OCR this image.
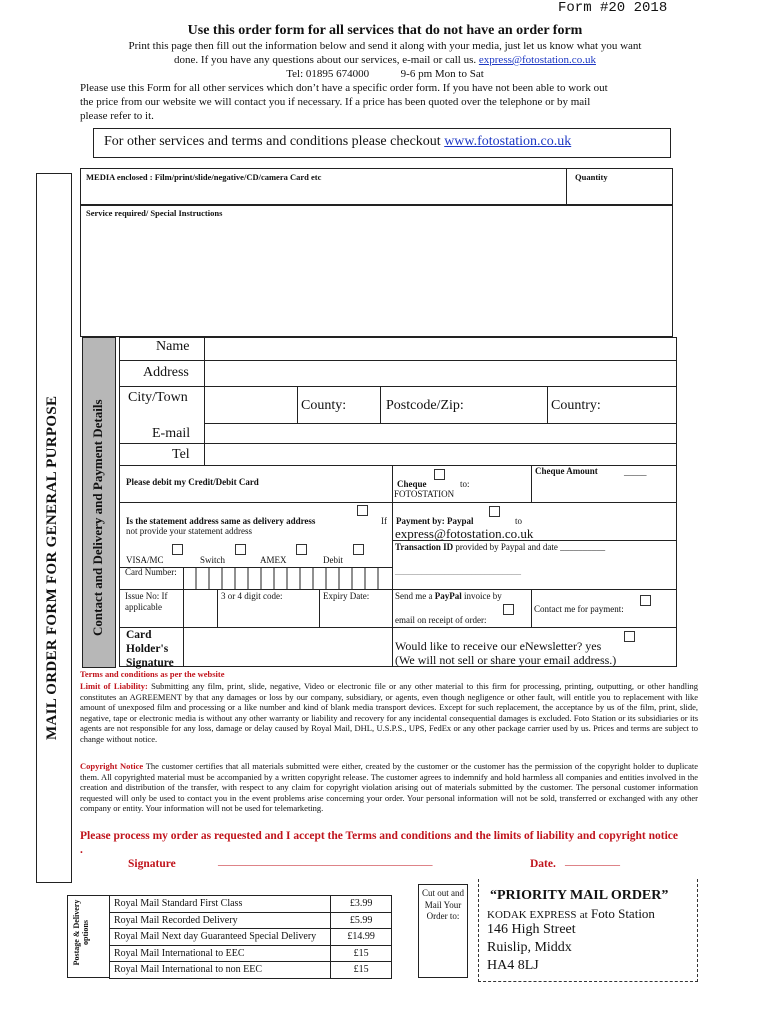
Form #20 2018
Use this order form for all services that do not have an order form
Print this page then fill out the information below and send it along with your media, just let us know what you want
done. If you have any questions about our services, e-mail or call us. express@fotostation.co.uk
Tel: 01895 674000	9-6 pm Mon to Sat
Please use this Form for all other services which don’t have a specific order form. If you have not been able to work out
the price from our website we will contact you if necessary. If a price has been quoted over the telephone or by mail
please refer to it.
For other services and terms and conditions please checkout www.fotostation.co.uk
MAIL ORDER FORM FOR GENERAL PURPOSE Contact and Delivery and Payment Details
MEDIA enclosed : Film/print/slide/negative/CD/camera Card etc	Quantity
Service required/ Special Instructions
Name
Address
City/Town
County:	Postcode/Zip:	Country:
E-mail
Tel
Please debit my Credit/Debit Card	Cheque	to:
FOTOSTATION
Cheque Amount	_____
Is the statement address same as delivery address	If
not provide your statement address
Payment by: Paypal	to
express@fotostation.co.uk
Transaction ID provided by Paypal and date __________
____________________________
VISA/MC	Switch	AMEX	Debit
Card Number:
Issue No: If applicable
3 or 4 digit code:	Expiry Date:	Send me a PayPal invoice by
email on receipt of order:
Contact me for payment:
Card Holder's Signature
Would like to receive our eNewsletter? yes
(We will not sell or share your email address.)
Terms and conditions as per the website
Limit of Liability: Submitting any film, print, slide, negative, Video or electronic file or any other material to this firm for processing, printing, outputting, or other handling constitutes an AGREEMENT by that any damages or loss by our company, subsidiary, or agents, even though negligence or other fault, will entitle you to replacement with like amount of unexposed film and processing or a like number and kind of blank media transport devices. Except for such replacement, the acceptance by us of the film, print, slide, negative, tape or electronic media is without any other warranty or liability and recovery for any incidental consequential damages is excluded. Foto Station or its subsidiaries or its agents are not responsible for any loss, damage or delay caused by Royal Mail, DHL, U.S.P.S., UPS, FedEx or any other package carrier used by us. Prices and terms are subject to change without notice.
Copyright Notice The customer certifies that all materials submitted were either, created by the customer or the customer has the permission of the copyright holder to duplicate them. All copyrighted material must be accompanied by a written copyright release. The customer agrees to indemnify and hold harmless all companies and entities involved in the creation and distribution of the transfer, with respect to any claim for copyright violation arising out of materials submitted by the customer. The personal customer information requested will only be used to contact you in the event problems arise concerning your order. Your personal information will not be sold, transferred or exchanged with any other company or entity. Your information will not be used for telemarketing.
Please process my order as requested and I accept the Terms and conditions and the limits of liability and copyright notice .
Signature	_______________________________________	Date. __________
Postage & Delivery options
Royal Mail Standard First Class	£3.99
Royal Mail Recorded Delivery	£5.99
Royal Mail Next day Guaranteed Special Delivery	£14.99
Royal Mail International to EEC	£15
Royal Mail International to non EEC	£15
Cut out and Mail Your Order to:
“PRIORITY MAIL ORDER”
KODAK EXPRESS at Foto Station
146 High Street
Ruislip, Middx
HA4 8LJ
